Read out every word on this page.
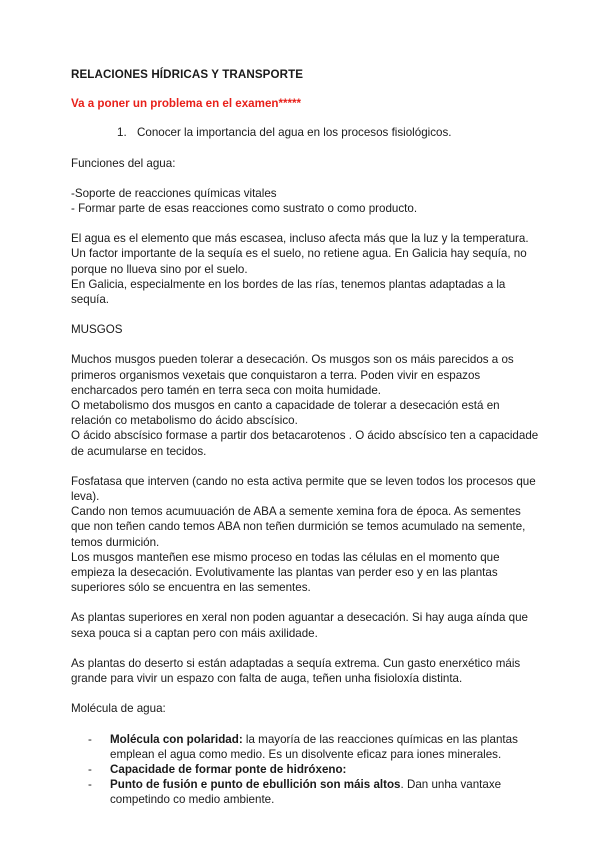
RELACIONES HÍDRICAS Y TRANSPORTE

Va a poner un problema en el examen*****

1. Conocer la importancia del agua en los procesos fisiológicos.

Funciones del agua:

-Soporte de reacciones químicas vitales

- Formar parte de esas reacciones como sustrato o como producto.

El agua es el elemento que más escasea, incluso afecta más que la luz y la temperatura.

Un factor importante de la sequía es el suelo, no retiene agua. En Galicia hay sequía, no porque no llueva sino por el suelo.

En Galicia, especialmente en los bordes de las rías, tenemos plantas adaptadas a la sequía.

MUSGOS

Muchos musgos pueden tolerar a desecación. Os musgos son os máis parecidos a os primeros organismos vexetais que conquistaron a terra. Poden vivir en espazos encharcados pero tamén en terra seca con moita humidade.

O metabolismo dos musgos en canto a capacidade de tolerar a desecación está en relación co metabolismo do ácido abscísico.

O ácido abscísico formase a partir dos betacarotenos . O ácido abscísico ten a capacidade de acumularse en tecidos.

Fosfatasa que interven (cando no esta activa permite que se leven todos los procesos que leva).

Cando non temos acumuuación de ABA a semente xemina fora de época. As sementes que non teñen cando temos ABA non teñen durmición se temos acumulado na semente, temos durmición.

Los musgos manteñen ese mismo proceso en todas las células en el momento que empieza la desecación. Evolutivamente las plantas van perder eso y en las plantas superiores sólo se encuentra en las sementes.

As plantas superiores en xeral non poden aguantar a desecación. Si hay auga aínda que sexa pouca si a captan pero con máis axilidade.

As plantas do deserto si están adaptadas a sequía extrema. Cun gasto enerxético máis grande para vivir un espazo con falta de auga, teñen unha fisioloxía distinta.

Molécula de agua:

-	Molécula con polaridad: la mayoría de las reacciones químicas en las plantas emplean el agua como medio. Es un disolvente eficaz para iones minerales.
-	Capacidade de formar ponte de hidróxeno:
-	Punto de fusión e punto de ebullición son máis altos. Dan unha vantaxe competindo co medio ambiente.
